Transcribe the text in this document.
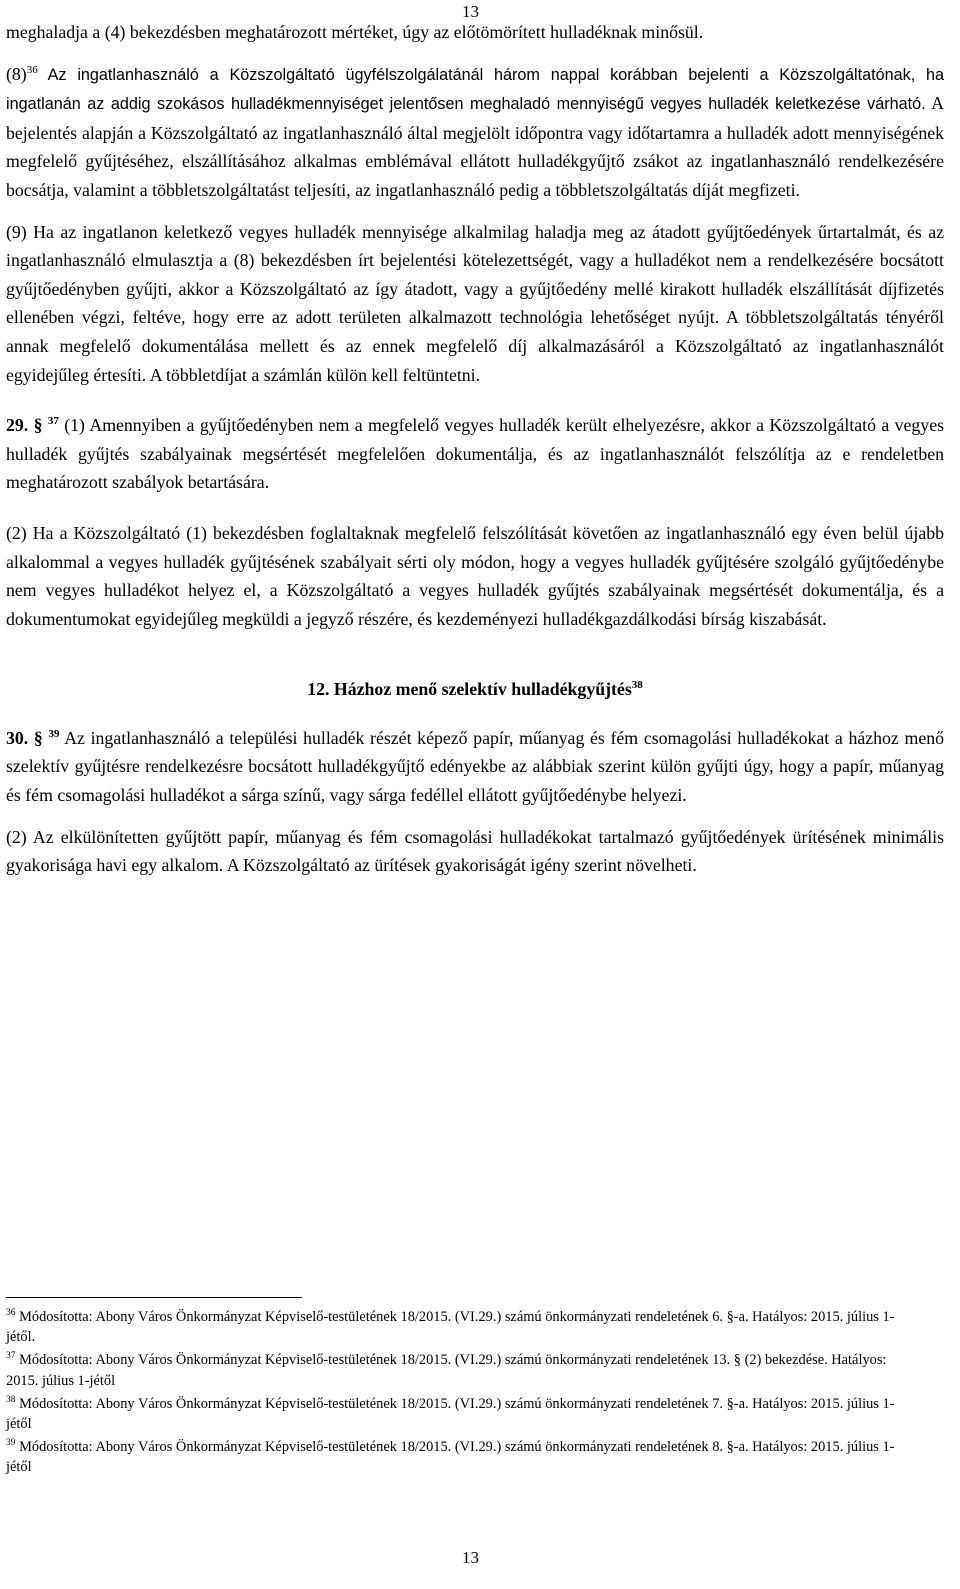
13

meghaladja a (4) bekezdésben meghatározott mértéket, úgy az előtömörített hulladéknak minősül.

$(8)^{36}$ Az ingatlanhasználó a Közszolgáltató ügyfélszolgálatánál három nappal korábban bejelenti a Közszolgáltatónak, ha ingatlanán az addig szokásos hulladékmennyiséget jelentősen meghaladó mennyiségű vegyes hulladék keletkezése várható. A bejelentés alapján a Közszolgáltató az ingatlanhasználó által megjelölt időpontra vagy időtartamra a hulladék adott mennyiségének megfelelő gyűjtéséhez, elszállításához alkalmas emblémával ellátott hulladékgyűjtő zsákot az ingatlanhasználó rendelkezésére bocsátja, valamint a többletszolgáltatást teljesíti, az ingatlanhasználó pedig a többletszolgáltatás díját megfizeti.

(9) Ha az ingatlanon keletkező vegyes hulladék mennyisége alkalmilag haladja meg az átadott gyűjtőedények űrtartalmát, és az ingatlanhasználó elmulasztja a (8) bekezdésben írt bejelentési kötelezettségét, vagy a hulladékot nem a rendelkezésére bocsátott gyűjtőedényben gyűjti, akkor a Közszolgáltató az így átadott, vagy a gyűjtőedény mellé kirakott hulladék elszállítását díjfizetés ellenében végzi, feltéve, hogy erre az adott területen alkalmazott technológia lehetőséget nyújt. A többletszolgáltatás tényéről annak megfelelő dokumentálása mellett és az ennek megfelelő díj alkalmazásáról a Közszolgáltató az ingatlanhasználót egyidejűleg értesíti. A többletdíjat a számlán külön kell feltüntetni.

29. § $^{37}$ (1) Amennyiben a gyűjtőedényben nem a megfelelő vegyes hulladék került elhelyezésre, akkor a Közszolgáltató a vegyes hulladék gyűjtés szabályainak megsértését megfelelően dokumentálja, és az ingatlanhasználót felszólítja az e rendeletben meghatározott szabályok betartására.

(2) Ha a Közszolgáltató (1) bekezdésben foglaltaknak megfelelő felszólítását követően az ingatlanhasználó egy éven belül újabb alkalommal a vegyes hulladék gyűjtésének szabályait sérti oly módon, hogy a vegyes hulladék gyűjtésére szolgáló gyűjtőedénybe nem vegyes hulladékot helyez el, a Közszolgáltató a vegyes hulladék gyűjtés szabályainak megsértését dokumentálja, és a dokumentumokat egyidejűleg megküldi a jegyző részére, és kezdeményezi hulladékgazdálkodási bírság kiszabását.

12. Házhoz menő szelektív hulladékgyűjtés$^{38}$

30. § $^{39}$ Az ingatlanhasználó a települési hulladék részét képező papír, műanyag és fém csomagolási hulladékokat a házhoz menő szelektív gyűjtésre rendelkezésre bocsátott hulladékgyűjtő edényekbe az alábbiak szerint külön gyűjti úgy, hogy a papír, műanyag és fém csomagolási hulladékot a sárga színű, vagy sárga fedéllel ellátott gyűjtőedénybe helyezi.

(2) Az elkülönítetten gyűjtött papír, műanyag és fém csomagolási hulladékokat tartalmazó gyűjtőedények ürítésének minimális gyakorisága havi egy alkalom. A Közszolgáltató az ürítések gyakoriságát igény szerint növelheti.

$^{36}$ Módosította: Abony Város Önkormányzat Képviselő-testületének 18/2015. (VI.29.) számú önkormányzati rendeletének 6. §-a. Hatályos: 2015. július 1-jétől.
$^{37}$ Módosította: Abony Város Önkormányzat Képviselő-testületének 18/2015. (VI.29.) számú önkormányzati rendeletének 13. § (2) bekezdése. Hatályos: 2015. július 1-jétől
$^{38}$ Módosította: Abony Város Önkormányzat Képviselő-testületének 18/2015. (VI.29.) számú önkormányzati rendeletének 7. §-a. Hatályos: 2015. július 1-jétől
$^{39}$ Módosította: Abony Város Önkormányzat Képviselő-testületének 18/2015. (VI.29.) számú önkormányzati rendeletének 8. §-a. Hatályos: 2015. július 1-jétől
13
